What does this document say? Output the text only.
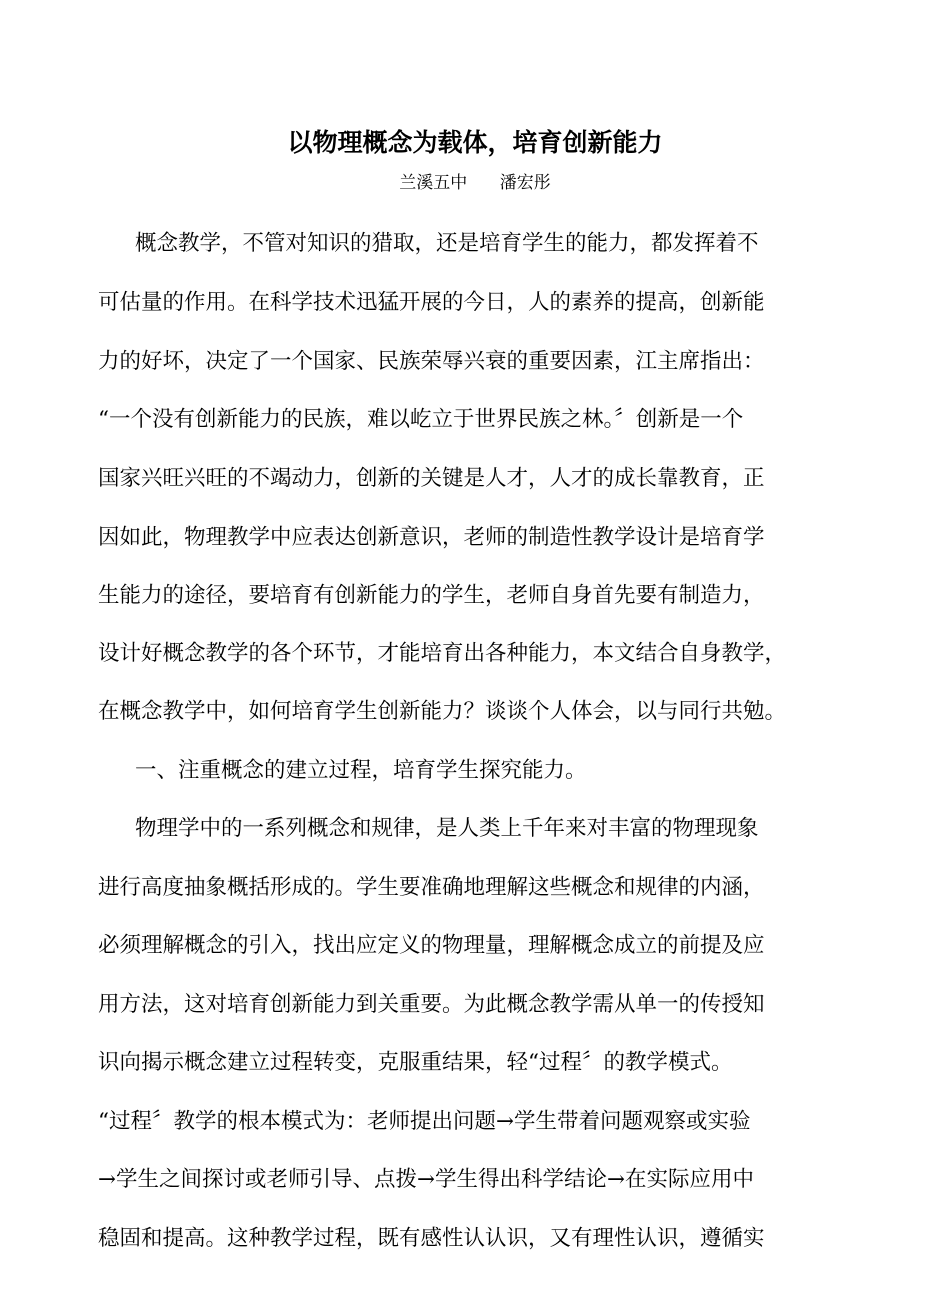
以物理概念为载体，培育创新能力
兰溪五中      潘宏彤
概念教学，不管对知识的猎取，还是培育学生的能力，都发挥着不
可估量的作用。在科学技术迅猛开展的今日，人的素养的提高，创新能
力的好坏，决定了一个国家、民族荣辱兴衰的重要因素，江主席指出：
“一个没有创新能力的民族，难以屹立于世界民族之林。〞创新是一个
国家兴旺兴旺的不竭动力，创新的关键是人才，人才的成长靠教育，正
因如此，物理教学中应表达创新意识，老师的制造性教学设计是培育学
生能力的途径，要培育有创新能力的学生，老师自身首先要有制造力，
设计好概念教学的各个环节，才能培育出各种能力，本文结合自身教学，
在概念教学中，如何培育学生创新能力？谈谈个人体会，以与同行共勉。
一、注重概念的建立过程，培育学生探究能力。
物理学中的一系列概念和规律，是人类上千年来对丰富的物理现象
进行高度抽象概括形成的。学生要准确地理解这些概念和规律的内涵，
必须理解概念的引入，找出应定义的物理量，理解概念成立的前提及应
用方法，这对培育创新能力到关重要。为此概念教学需从单一的传授知
识向揭示概念建立过程转变，克服重结果，轻“过程〞的教学模式。
“过程〞教学的根本模式为：老师提出问题→学生带着问题观察或实验
→学生之间探讨或老师引导、点拨→学生得出科学结论→在实际应用中
稳固和提高。这种教学过程，既有感性认认识，又有理性认识，遵循实
